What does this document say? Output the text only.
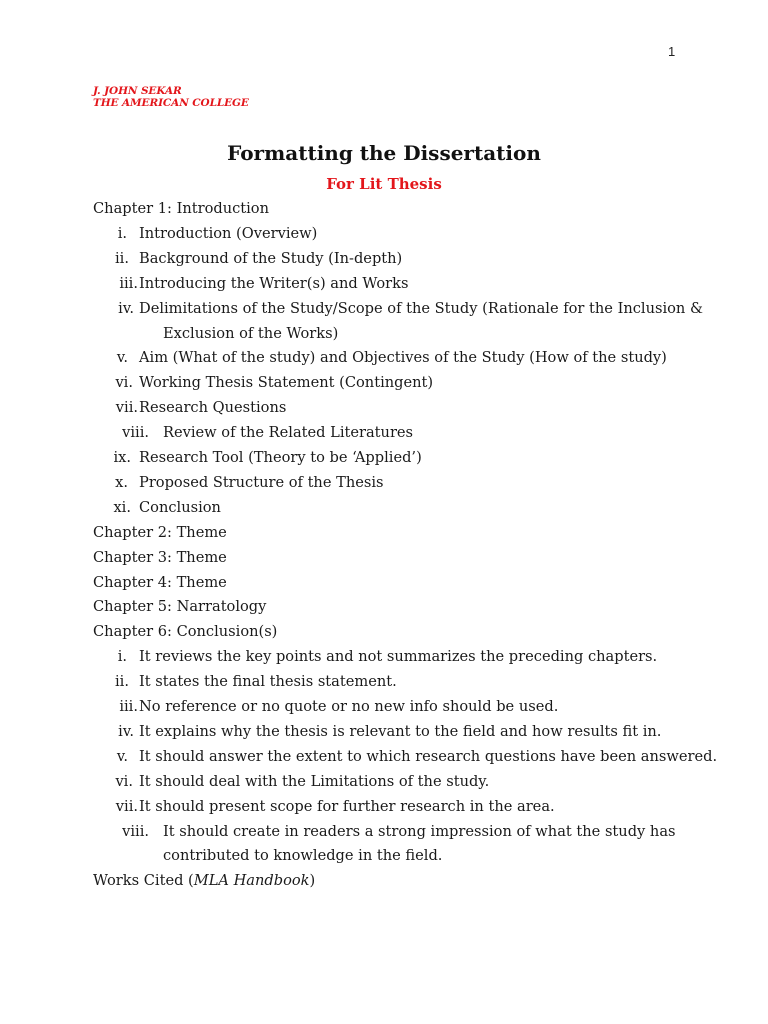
1
J. JOHN SEKAR
THE AMERICAN COLLEGE
Formatting the Dissertation
For Lit Thesis
Chapter 1: Introduction
i. Introduction (Overview)
ii. Background of the Study (In-depth)
iii. Introducing the Writer(s) and Works
iv. Delimitations of the Study/Scope of the Study (Rationale for the Inclusion &
Exclusion of the Works)
v. Aim (What of the study) and Objectives of the Study (How of the study)
vi. Working Thesis Statement (Contingent)
vii. Research Questions
viii. Review of the Related Literatures
ix. Research Tool (Theory to be ‘Applied’)
x. Proposed Structure of the Thesis
xi. Conclusion
Chapter 2: Theme
Chapter 3: Theme
Chapter 4: Theme
Chapter 5: Narratology
Chapter 6: Conclusion(s)
i. It reviews the key points and not summarizes the preceding chapters.
ii. It states the final thesis statement.
iii. No reference or no quote or no new info should be used.
iv. It explains why the thesis is relevant to the field and how results fit in.
v. It should answer the extent to which research questions have been answered.
vi. It should deal with the Limitations of the study.
vii. It should present scope for further research in the area.
viii. It should create in readers a strong impression of what the study has
contributed to knowledge in the field.
Works Cited (MLA Handbook)
